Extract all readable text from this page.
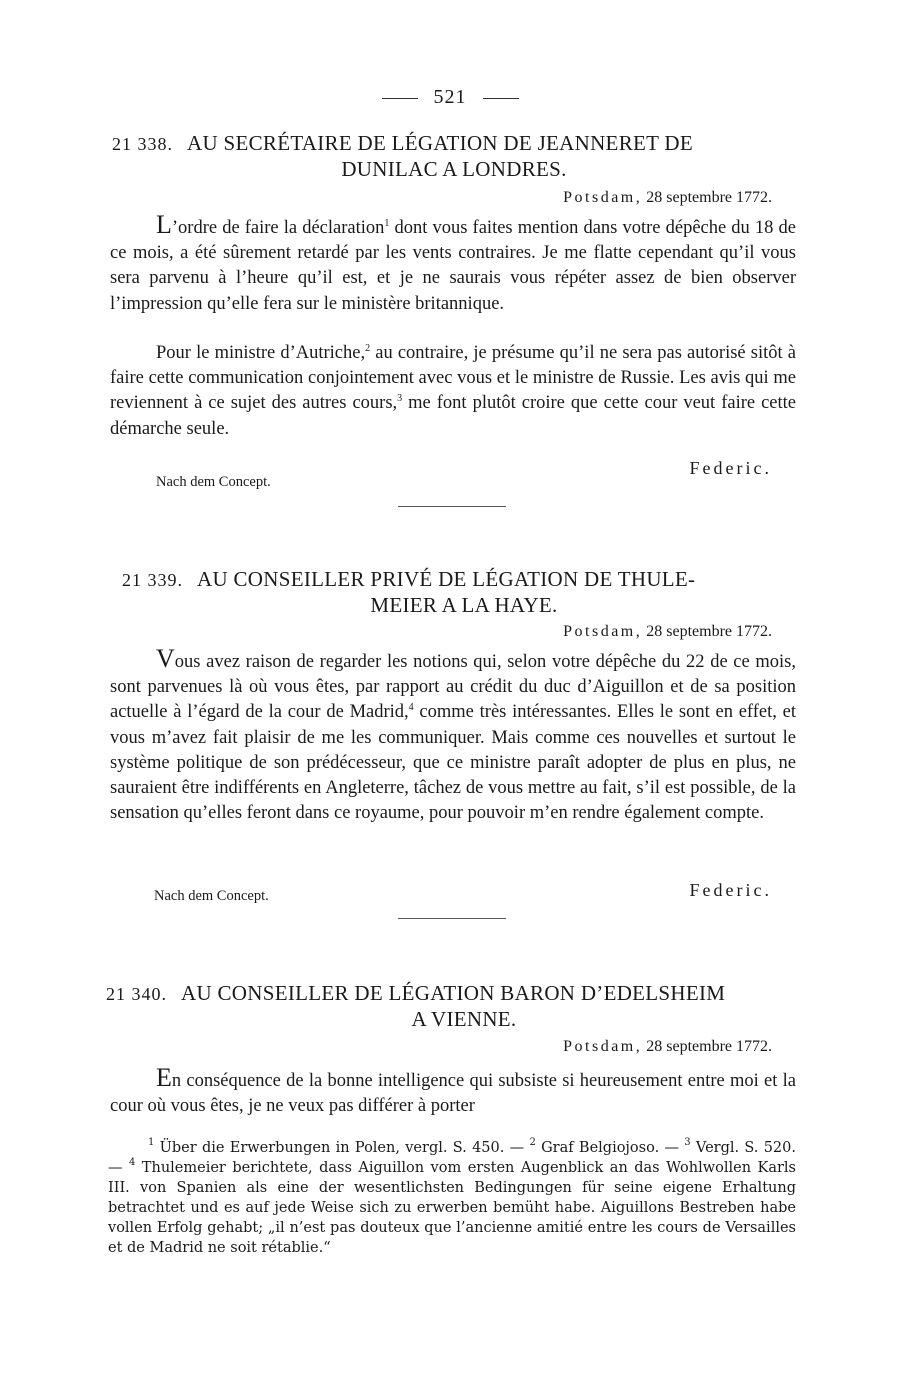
521
21 338. AU SECRÉTAIRE DE LÉGATION DE JEANNERET DE
DUNILAC A LONDRES.
Potsdam, 28 septembre 1772.

L’ordre de faire la déclaration$^1$ dont vous faites mention dans votre dépêche du 18 de ce mois, a été sûrement retardé par les vents contraires. Je me flatte cependant qu’il vous sera parvenu à l’heure qu’il est, et je ne saurais vous répéter assez de bien observer l’impression qu’elle fera sur le ministère britannique.

Pour le ministre d’Autriche,$^2$ au contraire, je présume qu’il ne sera pas autorisé sitôt à faire cette communication conjointement avec vous et le ministre de Russie. Les avis qui me reviennent à ce sujet des autres cours,$^3$ me font plutôt croire que cette cour veut faire cette démarche seule.

Federic.
Nach dem Concept.
21 339. AU CONSEILLER PRIVÉ DE LÉGATION DE THULE-
MEIER A LA HAYE.
Potsdam, 28 septembre 1772.

Vous avez raison de regarder les notions qui, selon votre dépêche du 22 de ce mois, sont parvenues là où vous êtes, par rapport au crédit du duc d’Aiguillon et de sa position actuelle à l’égard de la cour de Madrid,$^4$ comme très intéressantes. Elles le sont en effet, et vous m’avez fait plaisir de me les communiquer. Mais comme ces nouvelles et surtout le système politique de son prédécesseur, que ce ministre paraît adopter de plus en plus, ne sauraient être indifférents en Angleterre, tâchez de vous mettre au fait, s’il est possible, de la sensation qu’elles feront dans ce royaume, pour pouvoir m’en rendre également compte.

Nach dem Concept.	Federic.
21 340. AU CONSEILLER DE LÉGATION BARON D’EDELSHEIM
A VIENNE.
Potsdam, 28 septembre 1772.

En conséquence de la bonne intelligence qui subsiste si heureusement entre moi et la cour où vous êtes, je ne veux pas différer à porter

$^1$ Über die Erwerbungen in Polen, vergl. S. 450. — $^2$ Graf Belgiojoso. — $^3$ Vergl. S. 520. — $^4$ Thulemeier berichtete, dass Aiguillon vom ersten Augenblick an das Wohlwollen Karls III. von Spanien als eine der wesentlichsten Bedingungen für seine eigene Erhaltung betrachtet und es auf jede Weise sich zu erwerben bemüht habe. Aiguillons Bestreben habe vollen Erfolg gehabt; „il n’est pas douteux que l’ancienne amitié entre les cours de Versailles et de Madrid ne soit rétablie.“
